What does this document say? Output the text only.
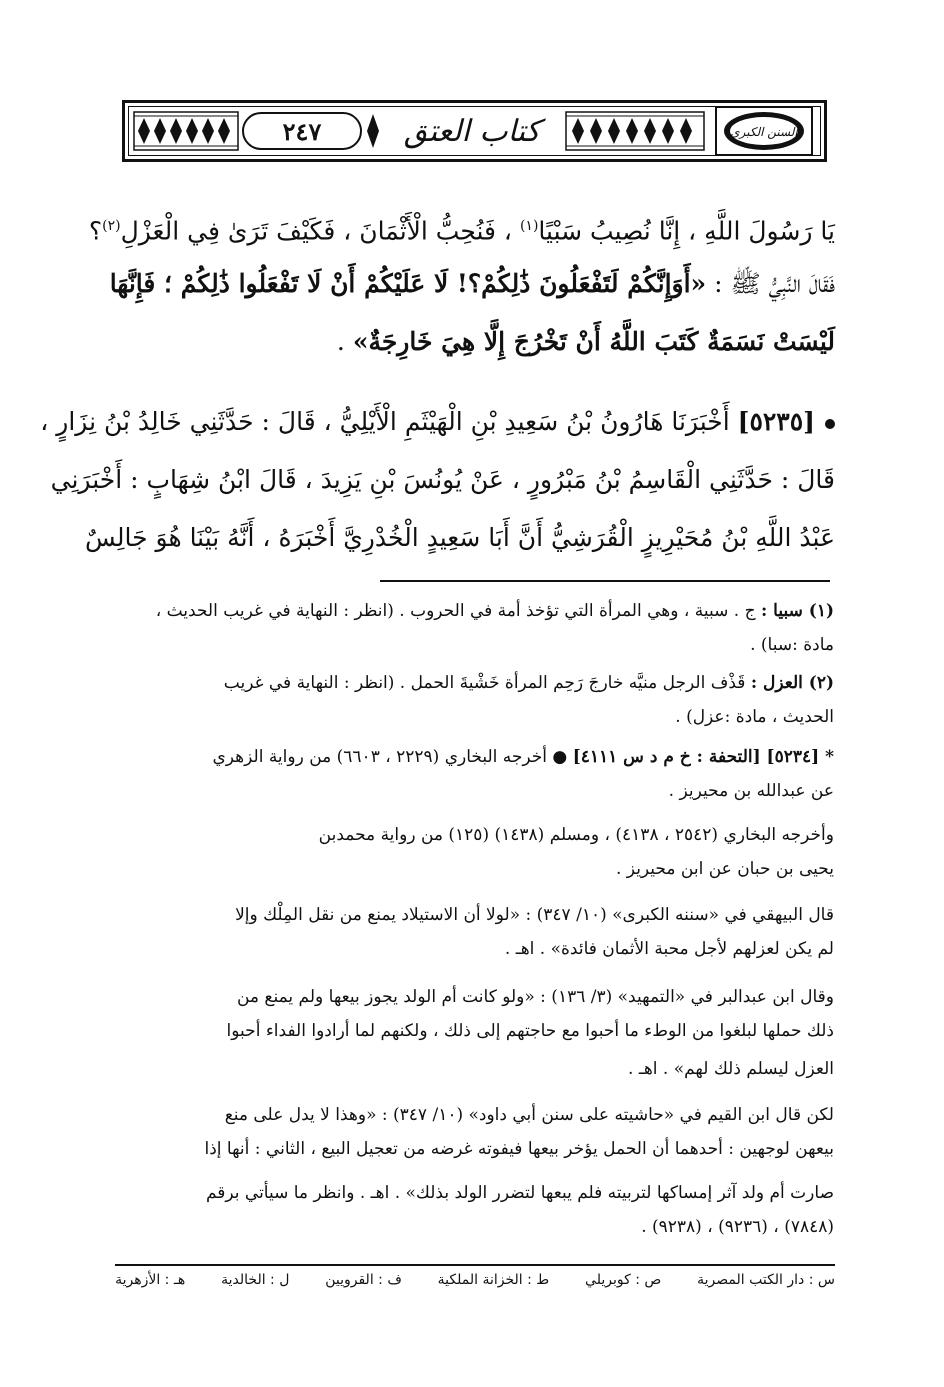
٢٤٧	كتاب العتق	السنن الكبرى
يَا رَسُولَ اللَّهِ ، إِنَّا نُصِيبُ سَبْيًا$^{(١)}$ ، فَنُحِبُّ الْأَثْمَانَ ، فَكَيْفَ تَرَىٰ فِي الْعَزْلِ$^{(٢)}$؟
فَقَالَ النَّبِيُّ ﷺ : «أَوَإِنَّكُمْ لَتَفْعَلُونَ ذَٰلِكُمْ؟! لَا عَلَيْكُمْ أَنْ لَا تَفْعَلُوا ذَٰلِكُمْ ؛ فَإِنَّهَا
لَيْسَتْ نَسَمَةٌ كَتَبَ اللَّهُ أَنْ تَخْرُجَ إِلَّا هِيَ خَارِجَةٌ» .
[٥٢٣٥] أَخْبَرَنَا هَارُونُ بْنُ سَعِيدِ بْنِ الْهَيْثَمِ الْأَيْلِيُّ ، قَالَ : حَدَّثَنِي خَالِدُ بْنُ نِزَارٍ ،
قَالَ : حَدَّثَنِي الْقَاسِمُ بْنُ مَبْرُورٍ ، عَنْ يُونُسَ بْنِ يَزِيدَ ، قَالَ ابْنُ شِهَابٍ : أَخْبَرَنِي
عَبْدُ اللَّهِ بْنُ مُحَيْرِيزٍ الْقُرَشِيُّ أَنَّ أَبَا سَعِيدٍ الْخُدْرِيَّ أَخْبَرَهُ ، أَنَّهُ بَيْنَا هُوَ جَالِسٌ
(١) سبيا : ج . سبية ، وهي المرأة التي تؤخذ أمة في الحروب . (انظر : النهاية في غريب الحديث ،
مادة :سبا) .
(٢) العزل : قَذْف الرجل منيَّه خارجَ رَحِم المرأة خَشْيةَ الحمل . (انظر : النهاية في غريب
الحديث ، مادة :عزل) .
* [٥٢٣٤] [التحفة : خ م د س ٤١١١] ● أخرجه البخاري (٢٢٢٩ ، ٦٦٠٣) من رواية الزهري
عن عبدالله بن محيريز .
وأخرجه البخاري (٢٥٤٢ ، ٤١٣٨) ، ومسلم (١٤٣٨) (١٢٥) من رواية محمدبن
يحيى بن حبان عن ابن محيريز .
قال البيهقي في «سننه الكبرى» (١٠/ ٣٤٧) : «لولا أن الاستيلاد يمنع من نقل المِلْك وإلا
لم يكن لعزلهم لأجل محبة الأثمان فائدة» . اهـ .
وقال ابن عبدالبر في «التمهيد» (٣/ ١٣٦) : «ولو كانت أم الولد يجوز بيعها ولم يمنع من
ذلك حملها لبلغوا من الوطء ما أحبوا مع حاجتهم إلى ذلك ، ولكنهم لما أرادوا الفداء أحبوا
العزل ليسلم ذلك لهم» . اهـ .
لكن قال ابن القيم في «حاشيته على سنن أبي داود» (١٠/ ٣٤٧) : «وهذا لا يدل على منع
بيعهن لوجهين : أحدهما أن الحمل يؤخر بيعها فيفوته غرضه من تعجيل البيع ، الثاني : أنها إذا
صارت أم ولد آثر إمساكها لتربيته فلم يبعها لتضرر الولد بذلك» . اهـ . وانظر ما سيأتي برقم
(٧٨٤٨) ، (٩٢٣٦) ، (٩٢٣٨) .
س : دار الكتب المصرية
ص : كوبريلي
ط : الخزانة الملكية
ف : القرويين
ل : الخالدية
هـ : الأزهرية
